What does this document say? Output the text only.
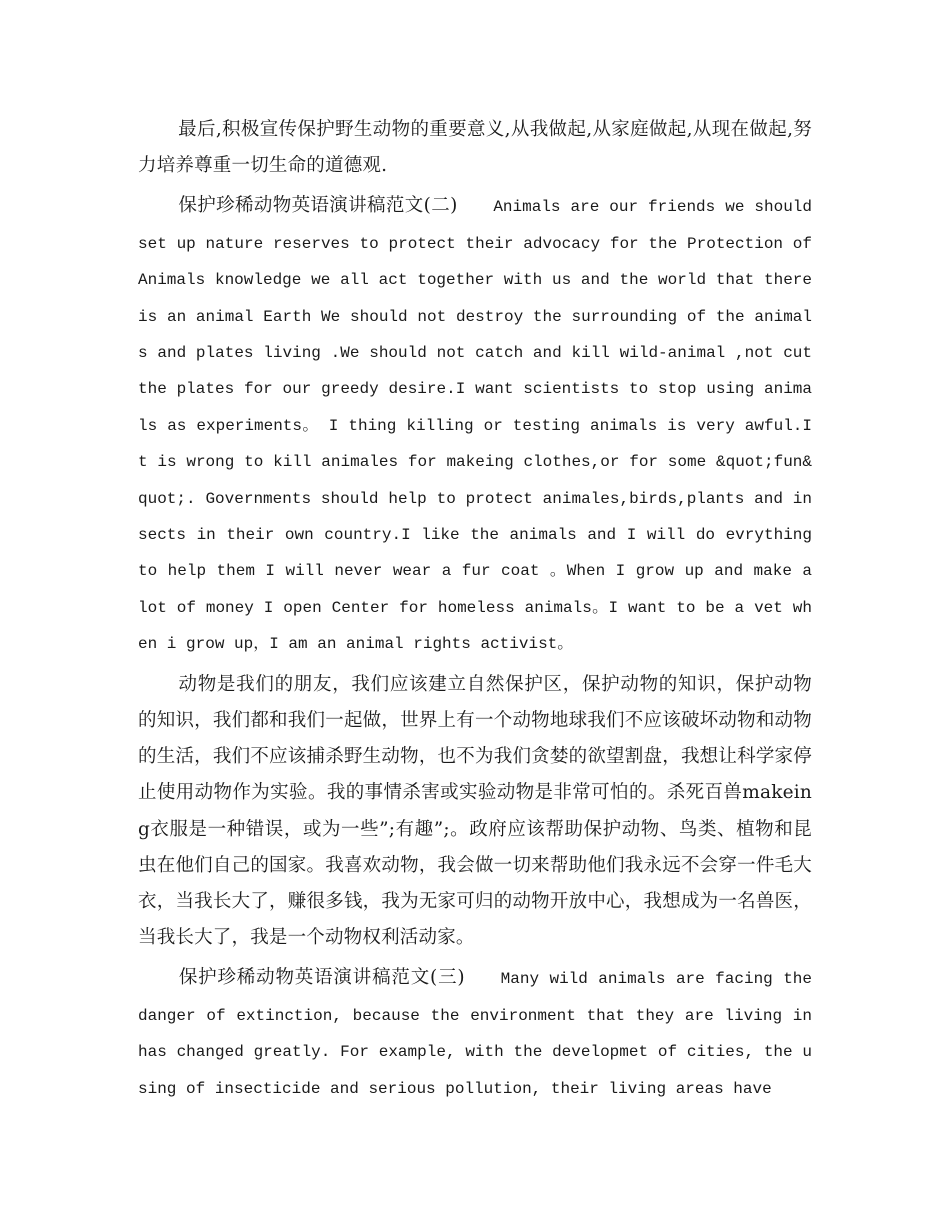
最后,积极宣传保护野生动物的重要意义,从我做起,从家庭做起,从现在做起,努力培养尊重一切生命的道德观.

保护珍稀动物英语演讲稿范文(二) Animals are our friends we should set up nature reserves to protect their advocacy for the Protection of Animals knowledge we all act together with us and the world that there is an animal Earth We should not destroy the surrounding of the animals and plates living .We should not catch and kill wild-animal ,not cut the plates for our greedy desire.I want scientists to stop using animals as experiments。 I thing killing or testing animals is very awful.It is wrong to kill animales for makeing clothes,or for some &quot;fun&quot;. Governments should help to protect animales,birds,plants and insects in their own country.I like the animals and I will do evrything to help them I will never wear a fur coat 。When I grow up and make a lot of money I open Center for homeless animals。I want to be a vet when i grow up，I am an animal rights activist。

动物是我们的朋友，我们应该建立自然保护区，保护动物的知识，保护动物的知识，我们都和我们一起做，世界上有一个动物地球我们不应该破坏动物和动物的生活，我们不应该捕杀野生动物，也不为我们贪婪的欲望割盘，我想让科学家停止使用动物作为实验。我的事情杀害或实验动物是非常可怕的。杀死百兽makeing衣服是一种错误，或为一些”;有趣”;。政府应该帮助保护动物、鸟类、植物和昆虫在他们自己的国家。我喜欢动物，我会做一切来帮助他们我永远不会穿一件毛大衣，当我长大了，赚很多钱，我为无家可归的动物开放中心，我想成为一名兽医，当我长大了，我是一个动物权利活动家。

保护珍稀动物英语演讲稿范文(三) Many wild animals are facing the danger of extinction, because the environment that they are living in has changed greatly. For example, with the developmet of cities, the using of insecticide and serious pollution, their living areas have
